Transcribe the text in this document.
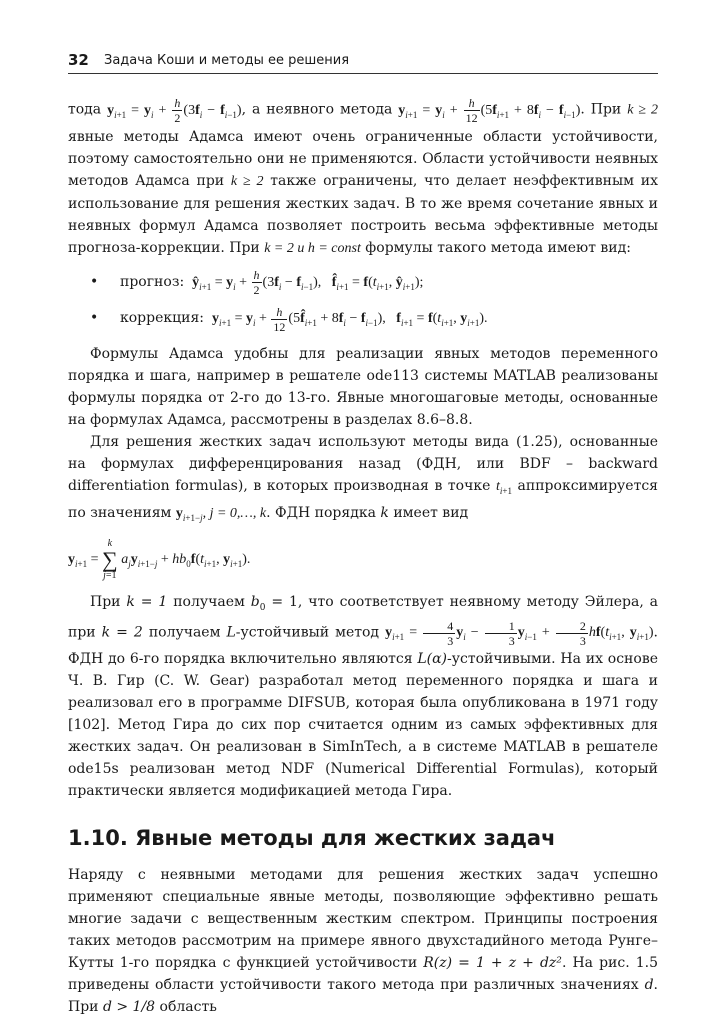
32 Задача Коши и методы ее решения

тода $y_{i+1} = y_i + \frac{h}{2} (3f_i - f_{i-1})$, а неявного метода $y_{i+1} = y_i + \frac{h}{12} (5f_{i+1} + 8f_i - f_{i-1})$. При k ≥ 2 явные методы Адамса имеют очень ограниченные области устойчивости, поэтому самостоятельно они не применяются. Области устойчивости неявных методов Адамса при k ≥ 2 также ограничены, что делает неэффективным их использование для решения жестких задач. В то же время сочетание явных и неявных формул Адамса позволяет построить весьма эффективные методы прогноза-коррекции. При k = 2 и h = const формулы такого метода имеют вид:

• прогноз: $ŷ_{i+1} = y_i + \frac{h}{2} (3f_i - f_{i-1})$,   $f̂_{i+1} = f(t_{i+1}$, $ŷ_{i+1}$);
• коррекция: $y_{i+1} = y_i + \frac{h}{12}$ $(5f̂_{i+1} + 8f_i - f_{i-1})$,   $f_{i+1} = f(t_{i+1}$, $y_{i+1}$).

Формулы Адамса удобны для реализации явных методов переменного порядка и шага, например в решателе ode113 системы MATLAB реализованы формулы порядка от 2-го до 13-го. Явные многошаговые методы, основанные на формулах Адамса, рассмотрены в разделах 8.6–8.8.

Для решения жестких задач используют методы вида (1.25), основанные на формулах дифференцирования назад (ФДН, или BDF – backward differentiation formulas), в которых производная в точке $t_{i+1}$ аппроксимируется по значениям $y_{i+1-j}$, j = 0,…, k. ФДН порядка k имеет вид

$y_{i+1} = k$
∑
j=1 $a_jy_{i+1-j} + hb_0f(t_{i+1}$, $y_{i+1}$).

При k = 1 получаем $b_0 = 1$, что соответствует неявному методу Эйлера, а при k = 2 получаем L-устойчивый метод $y_{i+1} = \frac{4}{3} y_i - \frac{1}{3} y_{i-1} + \frac{2}{3} hf(t_{i+1}$, $y_{i+1}$). ФДН до 6-го порядка включительно являются L(α)-устойчивыми. На их основе Ч. В. Гир (C. W. Gear) разработал метод переменного порядка и шага и реализовал его в программе DIFSUB, которая была опубликована в 1971 году [102]. Метод Гира до сих пор считается одним из самых эффективных для жестких задач. Он реализован в SimInTech, а в системе MATLAB в решателе ode15s реализован метод NDF (Numerical Differential Formulas), который практически является модификацией метода Гира.

1.10. Явные методы для жестких задач

Наряду с неявными методами для решения жестких задач успешно применяют специальные явные методы, позволяющие эффективно решать многие задачи с вещественным жестким спектром. Принципы построения таких методов рассмотрим на примере явного двухстадийного метода Рунге–Кутты 1-го порядка с функцией устойчивости R(z) = 1 + z + dz². На рис. 1.5 приведены области устойчивости такого метода при различных значениях d. При d > 1/8 область
